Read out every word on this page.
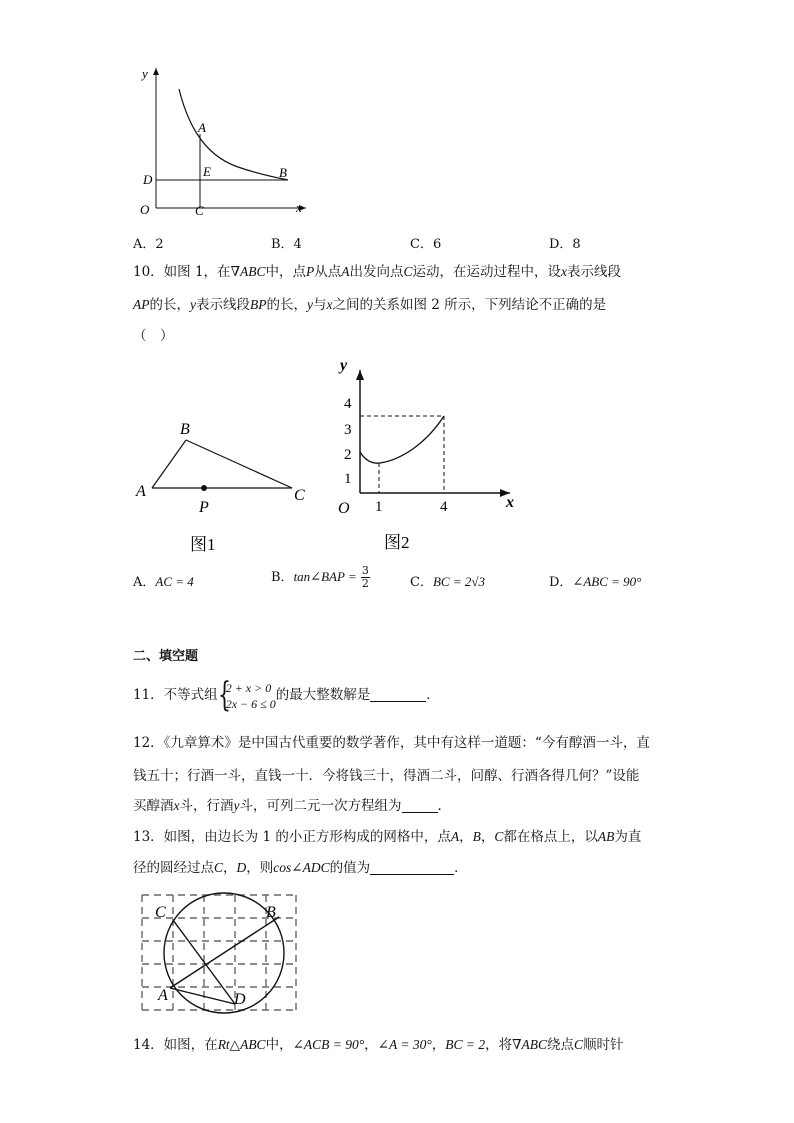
y
x
O
A
B
C
D
E
A．2	B．4	C．6	D．8
10．如图 1，在∇ABC中，点P从点A出发向点C运动，在运动过程中，设x表示线段
AP的长，y表示线段BP的长，y与x之间的关系如图 2 所示，下列结论不正确的是
（　）
A
B
C
P
图1
y
x
O
1
2
3
4
1	4
图2
A．AC = 4	B．tan∠BAP = $\frac{3}{2}$	C．BC = 2√3	D．∠ABC = 90°
二、填空题
11．不等式组 {
2 + x > 0
2x − 6 ≤ 0
的最大整数解是	．
12．《九章算术》是中国古代重要的数学著作，其中有这样一道题：“今有醇酒一斗，直
钱五十；行酒一斗，直钱一十．今将钱三十，得酒二斗，问醇、行酒各得几何？”设能
买醇酒x斗，行酒y斗，可列二元一次方程组为	．
13．如图，由边长为 1 的小正方形构成的网格中，点A，B，C都在格点上，以AB为直
径的圆经过点C，D，则cos∠ADC的值为	．
C	B
A	D
14．如图，在Rt△ABC中，∠ACB = 90°，∠A = 30°，BC = 2，将∇ABC绕点C顺时针
